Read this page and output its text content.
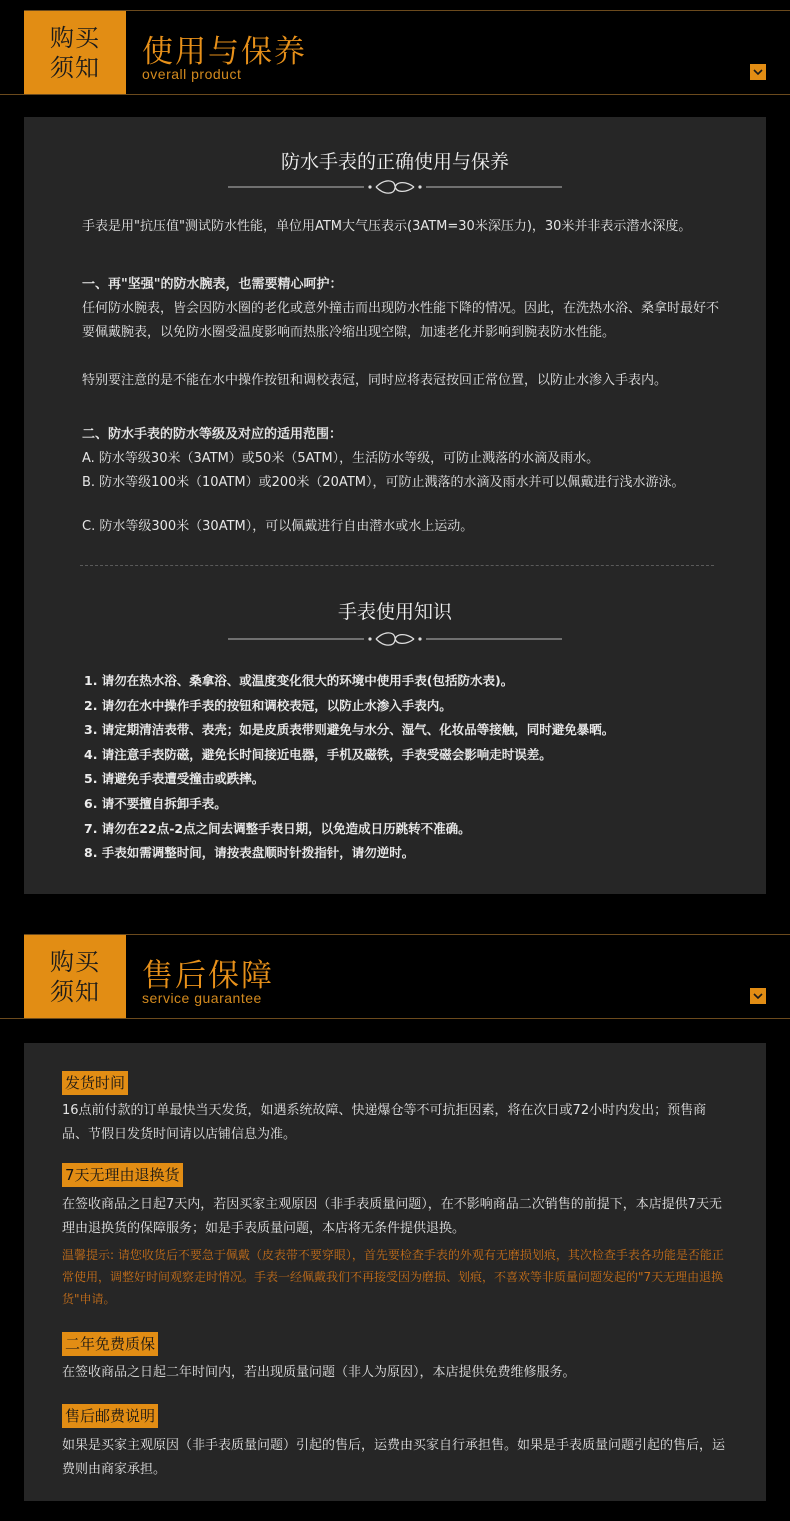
购买
须知 使用与保养
overall product
防水手表的正确使用与保养
手表是用"抗压值"测试防水性能，单位用ATM大气压表示(3ATM=30米深压力)，30米并非表示潜水深度。
一、再"坚强"的防水腕表，也需要精心呵护：
任何防水腕表，皆会因防水圈的老化或意外撞击而出现防水性能下降的情况。因此，在洗热水浴、桑拿时最好不要佩戴腕表，以免防水圈受温度影响而热胀冷缩出现空隙，加速老化并影响到腕表防水性能。
特别要注意的是不能在水中操作按钮和调校表冠，同时应将表冠按回正常位置，以防止水渗入手表内。
二、防水手表的防水等级及对应的适用范围：
A. 防水等级30米（3ATM）或50米（5ATM），生活防水等级，可防止溅落的水滴及雨水。
B. 防水等级100米（10ATM）或200米（20ATM），可防止溅落的水滴及雨水并可以佩戴进行浅水游泳。
C. 防水等级300米（30ATM），可以佩戴进行自由潜水或水上运动。
手表使用知识
1. 请勿在热水浴、桑拿浴、或温度变化很大的环境中使用手表(包括防水表)。
2. 请勿在水中操作手表的按钮和调校表冠，以防止水渗入手表内。
3. 请定期清洁表带、表壳；如是皮质表带则避免与水分、湿气、化妆品等接触，同时避免暴晒。
4. 请注意手表防磁，避免长时间接近电器，手机及磁铁，手表受磁会影响走时误差。
5. 请避免手表遭受撞击或跌摔。
6. 请不要擅自拆卸手表。
7. 请勿在22点-2点之间去调整手表日期，以免造成日历跳转不准确。
8. 手表如需调整时间，请按表盘顺时针拨指针，请勿逆时。
购买
须知 售后保障
service guarantee
发货时间
16点前付款的订单最快当天发货，如遇系统故障、快递爆仓等不可抗拒因素，将在次日或72小时内发出；预售商品、节假日发货时间请以店铺信息为准。
7天无理由退换货
在签收商品之日起7天内，若因买家主观原因（非手表质量问题），在不影响商品二次销售的前提下，本店提供7天无理由退换货的保障服务；如是手表质量问题，本店将无条件提供退换。
温馨提示: 请您收货后不要急于佩戴（皮表带不要穿眼），首先要检查手表的外观有无磨损划痕，其次检查手表各功能是否能正常使用，调整好时间观察走时情况。手表一经佩戴我们不再接受因为磨损、划痕，不喜欢等非质量问题发起的"7天无理由退换货"申请。
二年免费质保
在签收商品之日起二年时间内，若出现质量问题（非人为原因），本店提供免费维修服务。
售后邮费说明
如果是买家主观原因（非手表质量问题）引起的售后，运费由买家自行承担售。如果是手表质量问题引起的售后，运费则由商家承担。
